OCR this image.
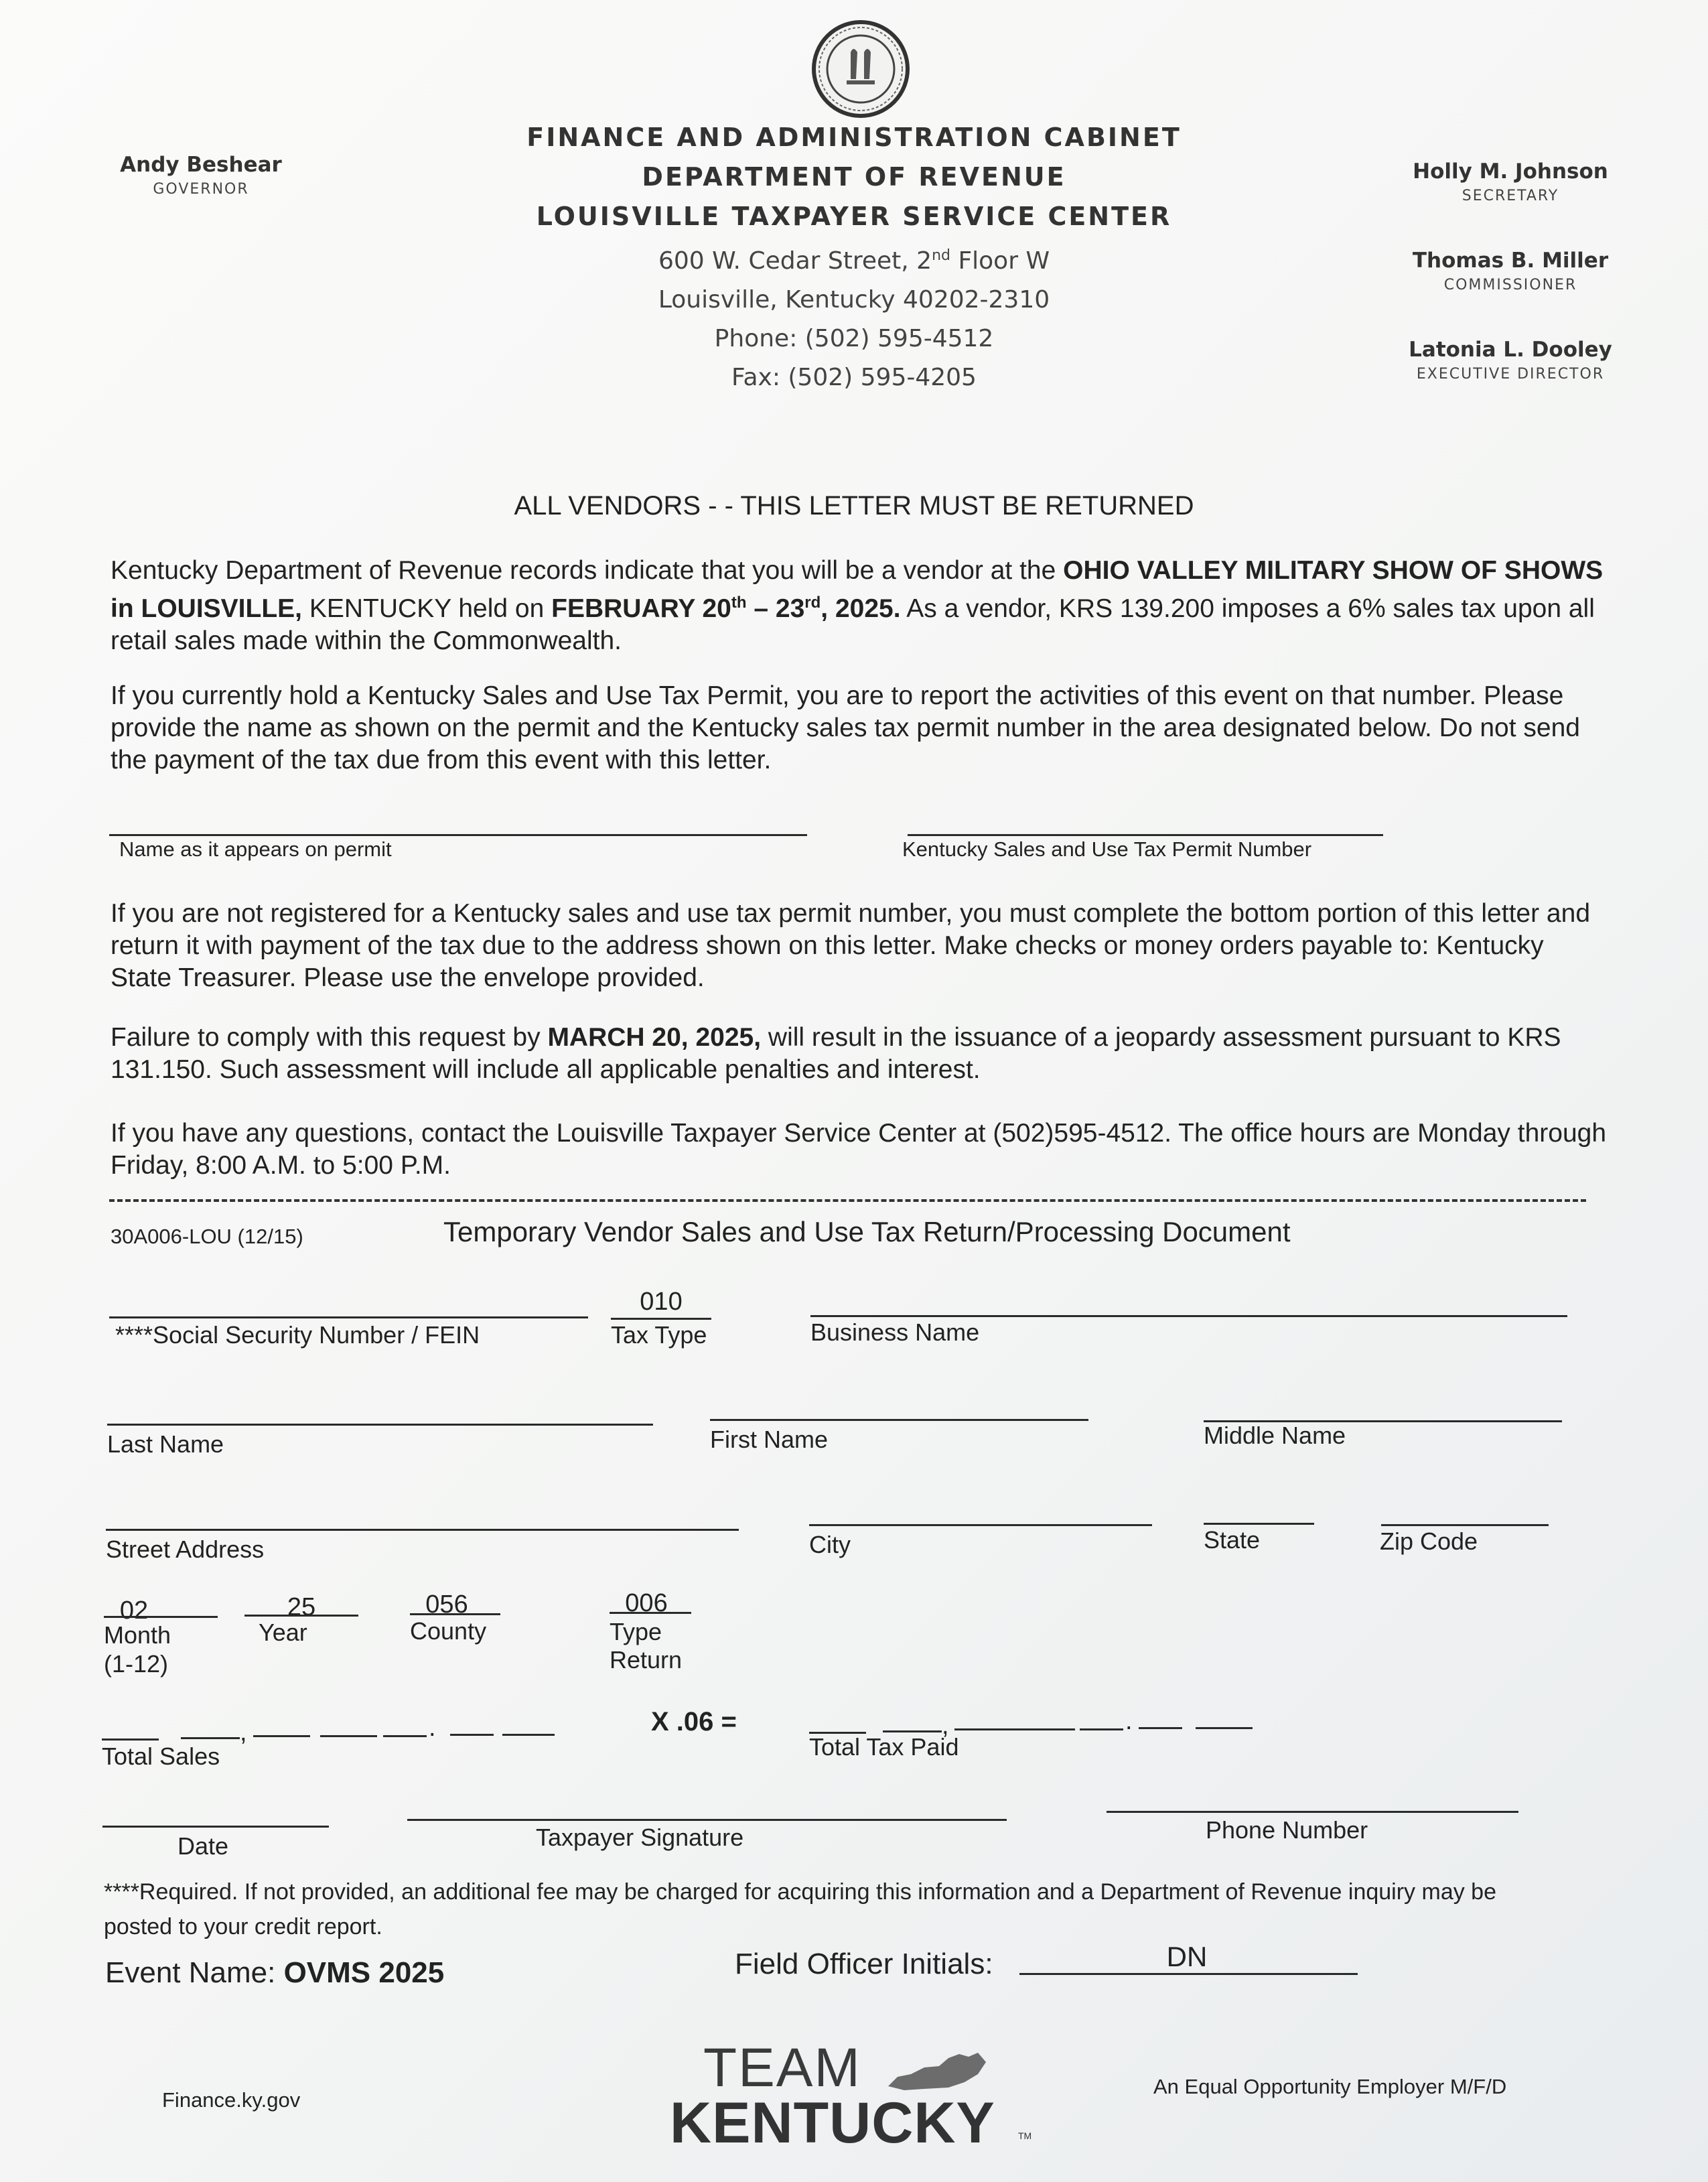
Andy Beshear
GOVERNOR
FINANCE AND ADMINISTRATION CABINET
DEPARTMENT OF REVENUE
LOUISVILLE TAXPAYER SERVICE CENTER
600 W. Cedar Street, 2nd Floor W
Louisville, Kentucky 40202-2310
Phone: (502) 595-4512
Fax: (502) 595-4205
Holly M. Johnson
SECRETARY
Thomas B. Miller
COMMISSIONER
Latonia L. Dooley
EXECUTIVE DIRECTOR
ALL VENDORS - - THIS LETTER MUST BE RETURNED
Kentucky Department of Revenue records indicate that you will be a vendor at the OHIO VALLEY MILITARY SHOW OF SHOWS in LOUISVILLE, KENTUCKY held on FEBRUARY 20th – 23rd, 2025. As a vendor, KRS 139.200 imposes a 6% sales tax upon all retail sales made within the Commonwealth.
If you currently hold a Kentucky Sales and Use Tax Permit, you are to report the activities of this event on that number. Please provide the name as shown on the permit and the Kentucky sales tax permit number in the area designated below. Do not send the payment of the tax due from this event with this letter.
Name as it appears on permit	Kentucky Sales and Use Tax Permit Number
If you are not registered for a Kentucky sales and use tax permit number, you must complete the bottom portion of this letter and return it with payment of the tax due to the address shown on this letter. Make checks or money orders payable to: Kentucky State Treasurer. Please use the envelope provided.
Failure to comply with this request by MARCH 20, 2025, will result in the issuance of a jeopardy assessment pursuant to KRS 131.150. Such assessment will include all applicable penalties and interest.
If you have any questions, contact the Louisville Taxpayer Service Center at (502)595-4512. The office hours are Monday through Friday, 8:00 A.M. to 5:00 P.M.
30A006-LOU (12/15)	Temporary Vendor Sales and Use Tax Return/Processing Document
****Social Security Number / FEIN
010
Tax Type	Business Name
Last Name	First Name	Middle Name
Street Address	City	State	Zip Code
02
Month
(1-12)
25
Year
056
County
006
Type
Return
,	.
Total Sales
X .06 =	,	.
Total Tax Paid
Date	Taxpayer Signature	Phone Number
****Required. If not provided, an additional fee may be charged for acquiring this information and a Department of Revenue inquiry may be posted to your credit report.
Event Name: OVMS 2025	Field Officer Initials:	DN
Finance.ky.gov
TEAM
KENTUCKY TM
An Equal Opportunity Employer M/F/D
